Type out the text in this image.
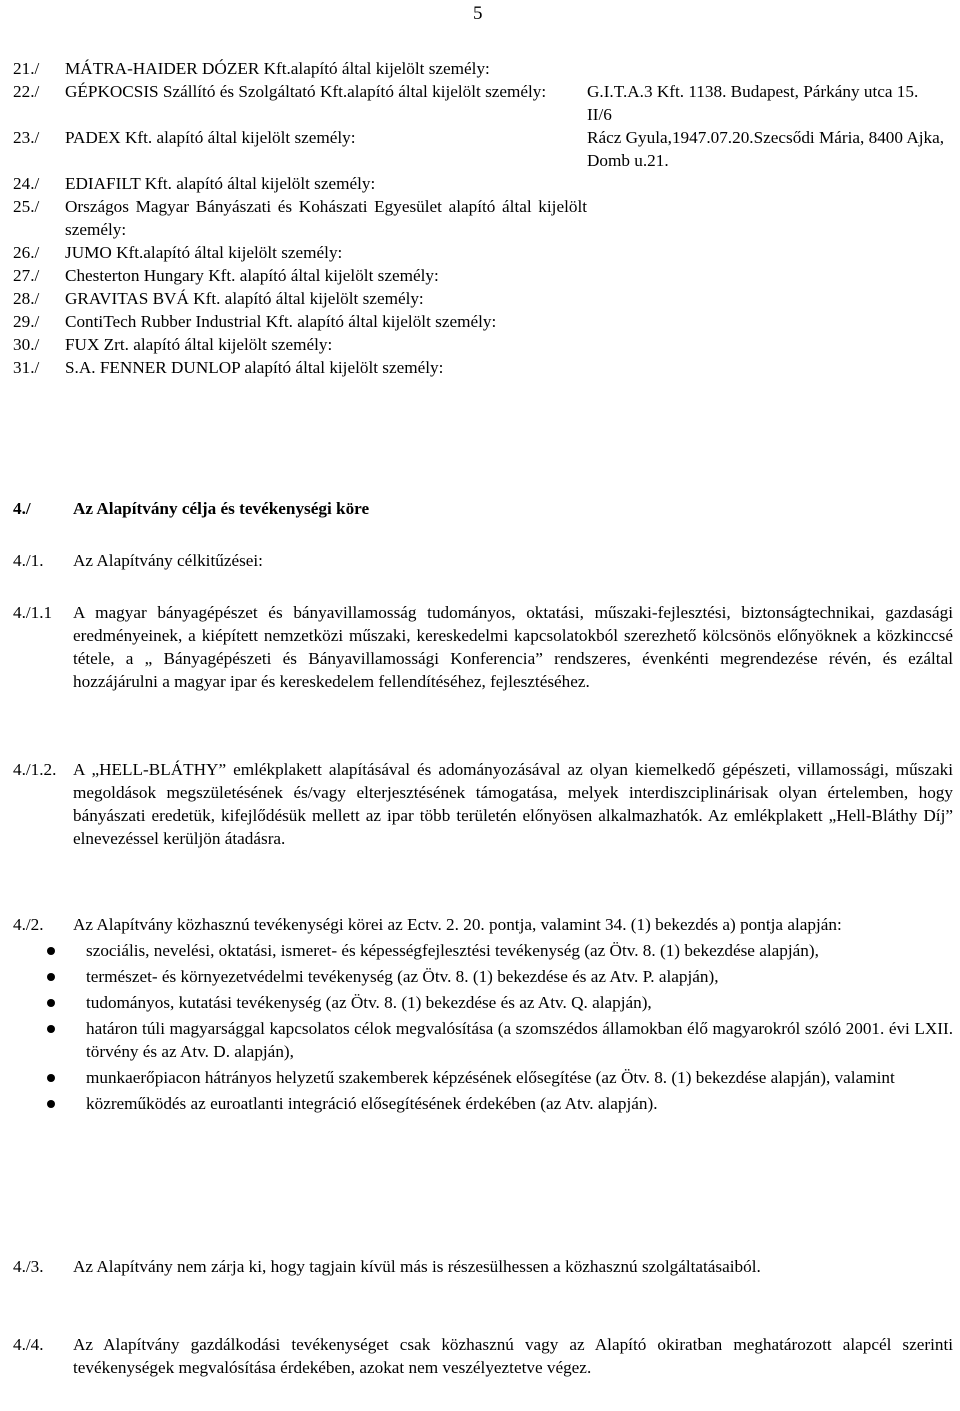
5
21./	MÁTRA-HAIDER DÓZER Kft.alapító által kijelölt személy:
22./	GÉPKOCSIS Szállító és Szolgáltató Kft.alapító által kijelölt személy:	G.I.T.A.3 Kft. 1138. Budapest, Párkány utca 15. II/6
23./	PADEX Kft. alapító által kijelölt személy:	Rácz Gyula,1947.07.20.Szecsődi Mária, 8400 Ajka, Domb u.21.
24./	EDIAFILT Kft. alapító által kijelölt személy:
25./	Országos Magyar Bányászati és Kohászati Egyesület alapító által kijelölt személy:
26./	JUMO Kft.alapító által kijelölt személy:
27./	Chesterton Hungary Kft. alapító által kijelölt személy:
28./	GRAVITAS BVÁ Kft. alapító által kijelölt személy:
29./	ContiTech Rubber Industrial Kft. alapító által kijelölt személy:
30./	FUX Zrt. alapító által kijelölt személy:
31./	S.A. FENNER DUNLOP alapító által kijelölt személy:
4./ Az Alapítvány célja és tevékenységi köre
4./1. Az Alapítvány célkitűzései:
4./1.1 A magyar bányagépészet és bányavillamosság tudományos, oktatási, műszaki-fejlesztési, biztonságtechnikai, gazdasági eredményeinek, a kiépített nemzetközi műszaki, kereskedelmi kapcsolatokból szerezhető kölcsönös előnyöknek a közkinccsé tétele, a „ Bányagépészeti és Bányavillamossági Konferencia” rendszeres, évenkénti megrendezése révén, és ezáltal hozzájárulni a magyar ipar és kereskedelem fellendítéséhez, fejlesztéséhez.
4./1.2. A „HELL-BLÁTHY” emlékplakett alapításával és adományozásával az olyan kiemelkedő gépészeti, villamossági, műszaki megoldások megszületésének és/vagy elterjesztésének támogatása, melyek interdiszciplinárisak olyan értelemben, hogy bányászati eredetük, kifejlődésük mellett az ipar több területén előnyösen alkalmazhatók. Az emlékplakett „Hell-Bláthy Díj” elnevezéssel kerüljön átadásra.
4./2. Az Alapítvány közhasznú tevékenységi körei az Ectv. 2. 20. pontja, valamint 34. (1) bekezdés a) pontja alapján:
szociális, nevelési, oktatási, ismeret- és képességfejlesztési tevékenység (az Ötv. 8. (1) bekezdése alapján),
természet- és környezetvédelmi tevékenység (az Ötv. 8. (1) bekezdése és az Atv. P. alapján),
tudományos, kutatási tevékenység (az Ötv. 8. (1) bekezdése és az Atv. Q. alapján),
határon túli magyarsággal kapcsolatos célok megvalósítása (a szomszédos államokban élő magyarokról szóló 2001. évi LXII. törvény és az Atv. D. alapján),
munkaerőpiacon hátrányos helyzetű szakemberek képzésének elősegítése (az Ötv. 8. (1) bekezdése alapján), valamint
közreműködés az euroatlanti integráció elősegítésének érdekében (az Atv. alapján).
4./3. Az Alapítvány nem zárja ki, hogy tagjain kívül más is részesülhessen a közhasznú szolgáltatásaiból.
4./4. Az Alapítvány gazdálkodási tevékenységet csak közhasznú vagy az Alapító okiratban meghatározott alapcél szerinti tevékenységek megvalósítása érdekében, azokat nem veszélyeztetve végez.
